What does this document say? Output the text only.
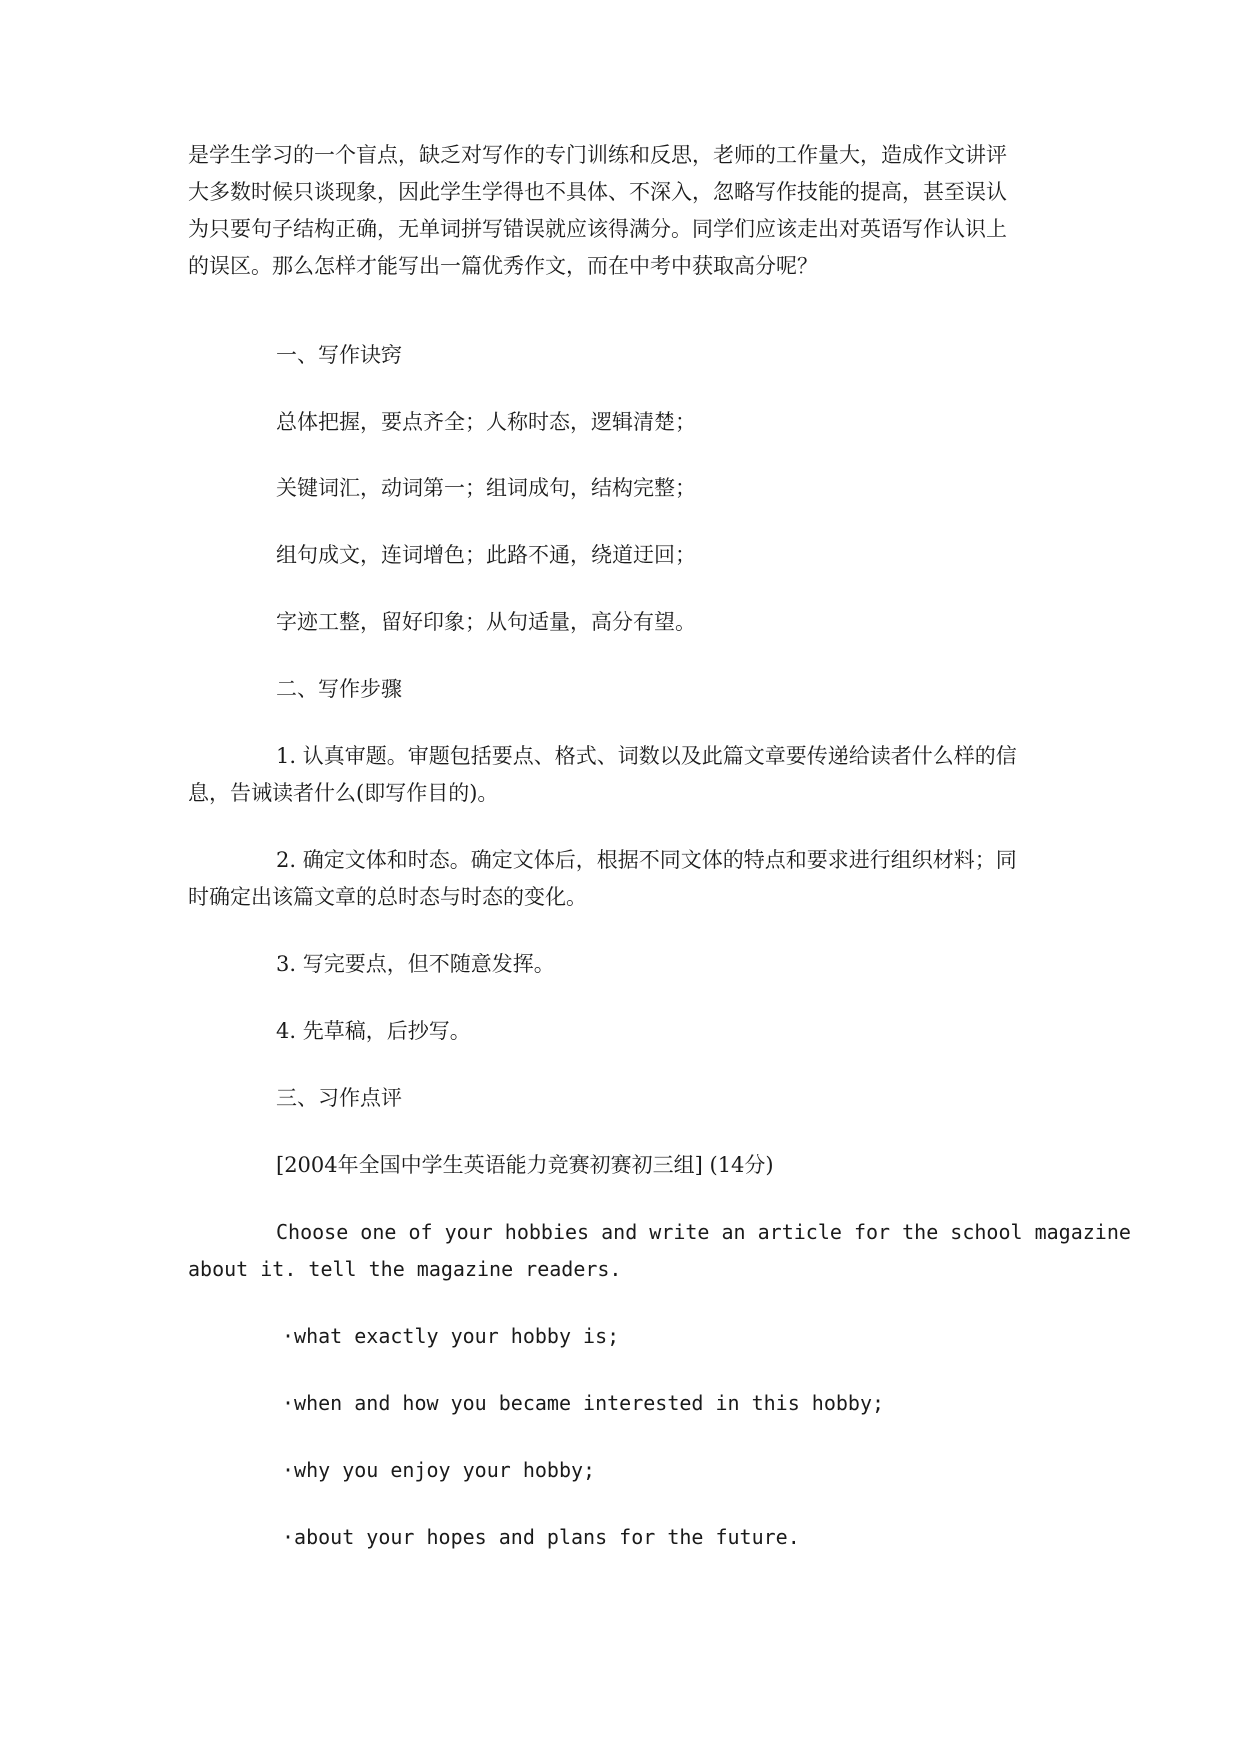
是学生学习的一个盲点，缺乏对写作的专门训练和反思，老师的工作量大，造成作文讲评
大多数时候只谈现象，因此学生学得也不具体、不深入，忽略写作技能的提高，甚至误认
为只要句子结构正确，无单词拼写错误就应该得满分。同学们应该走出对英语写作认识上
的误区。那么怎样才能写出一篇优秀作文，而在中考中获取高分呢？
一、写作诀窍
总体把握，要点齐全；人称时态，逻辑清楚；
关键词汇，动词第一；组词成句，结构完整；
组句成文，连词增色；此路不通，绕道迂回；
字迹工整，留好印象；从句适量，高分有望。
二、写作步骤
1. 认真审题。审题包括要点、格式、词数以及此篇文章要传递给读者什么样的信
息，告诫读者什么(即写作目的)。
2. 确定文体和时态。确定文体后，根据不同文体的特点和要求进行组织材料；同
时确定出该篇文章的总时态与时态的变化。
3. 写完要点，但不随意发挥。
4. 先草稿，后抄写。
三、习作点评
[2004年全国中学生英语能力竞赛初赛初三组] (14分)
Choose one of your hobbies and write an article for the school magazine
about it. tell the magazine readers.
·what exactly your hobby is;
·when and how you became interested in this hobby;
·why you enjoy your hobby;
·about your hopes and plans for the future.
